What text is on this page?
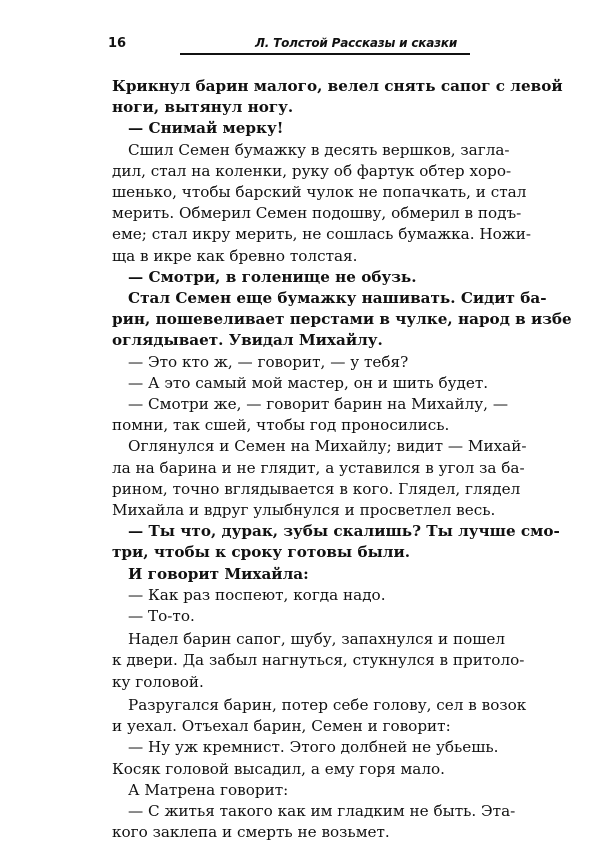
16	Л. Толстой Рассказы и сказки
Крикнул барин малого, велел снять сапог с левой
ноги, вытянул ногу.
— Снимай мерку!
Сшил Семен бумажку в десять вершков, загла-
дил, стал на коленки, руку об фартук обтер хоро-
шенько, чтобы барский чулок не попачкать, и стал
мерить. Обмерил Семен подошву, обмерил в подъ-
еме; стал икру мерить, не сошлась бумажка. Ножи-
ща в икре как бревно толстая.
— Смотри, в голенище не обузь.
Стал Семен еще бумажку нашивать. Сидит ба-
рин, пошевеливает перстами в чулке, народ в избе
оглядывает. Увидал Михайлу.
— Это кто ж, — говорит, — у тебя?
— А это самый мой мастер, он и шить будет.
— Смотри же, — говорит барин на Михайлу, —
помни, так сшей, чтобы год проносились.
Оглянулся и Семен на Михайлу; видит — Михай-
ла на барина и не глядит, а уставился в угол за ба-
рином, точно вглядывается в кого. Глядел, глядел
Михайла и вдруг улыбнулся и просветлел весь.
— Ты что, дурак, зубы скалишь? Ты лучше смо-
три, чтобы к сроку готовы были.
И говорит Михайла:
— Как раз поспеют, когда надо.
— То-то.
Надел барин сапог, шубу, запахнулся и пошел
к двери. Да забыл нагнуться, стукнулся в притоло-
ку головой.
Разругался барин, потер себе голову, сел в возок
и уехал. Отъехал барин, Семен и говорит:
— Ну уж кремнист. Этого долбней не убьешь.
Косяк головой высадил, а ему горя мало.
А Матрена говорит:
— С житья такого как им гладким не быть. Эта-
кого заклепа и смерть не возьмет.
